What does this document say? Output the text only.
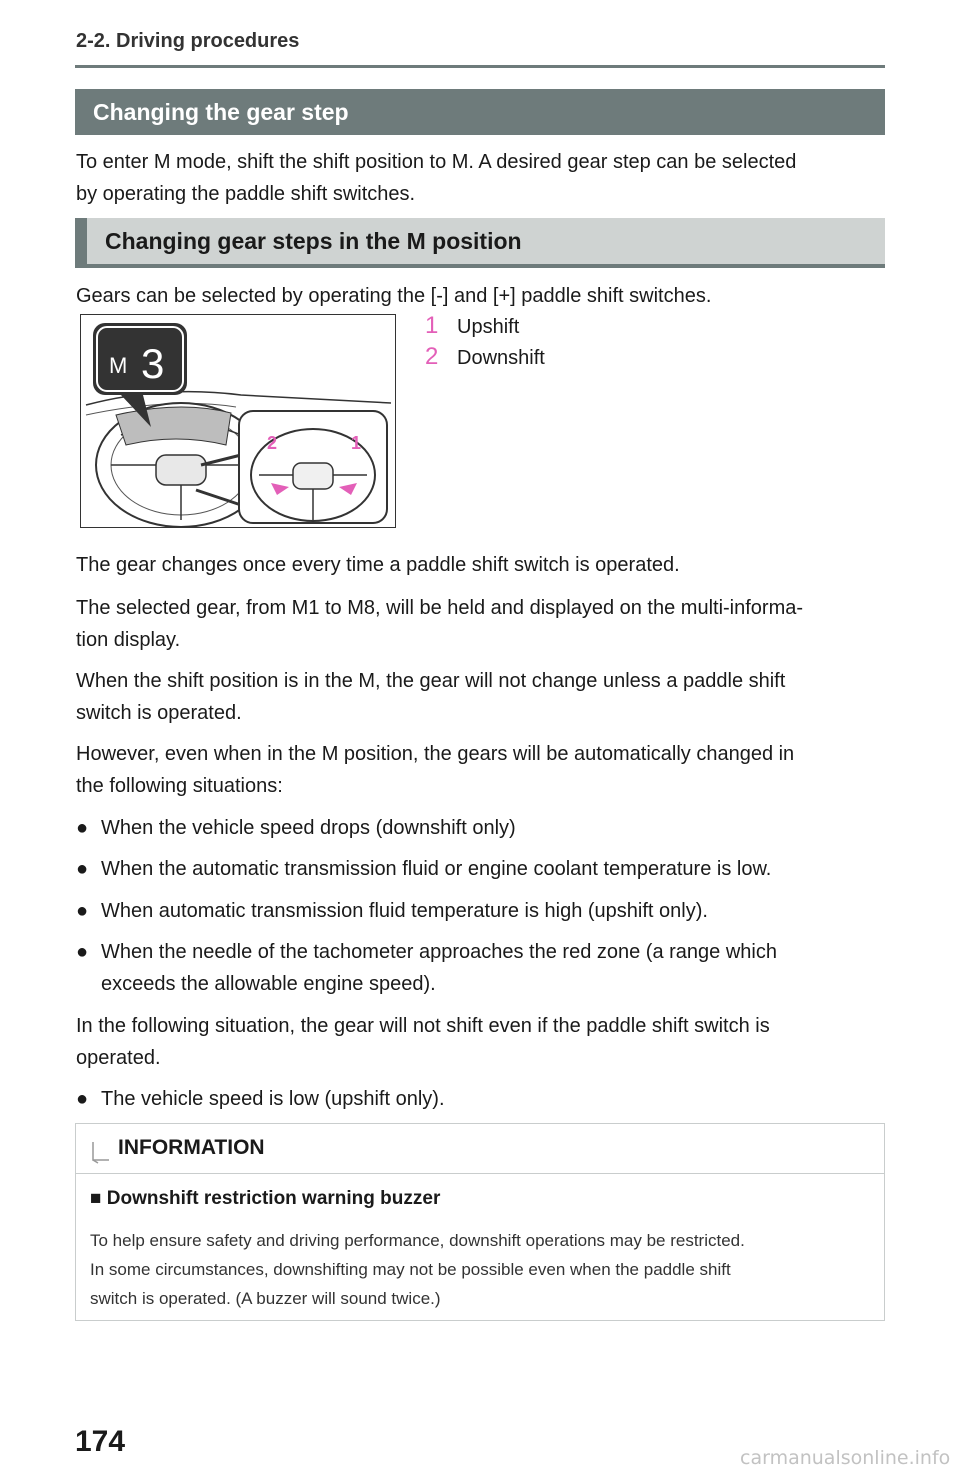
2-2. Driving procedures
Changing the gear step
To enter M mode, shift the shift position to M. A desired gear step can be selected
by operating the paddle shift switches.
Changing gear steps in the M position
Gears can be selected by operating the [-] and [+] paddle shift switches.
M 3
2	1
1 Upshift
2 Downshift
The gear changes once every time a paddle shift switch is operated.
The selected gear, from M1 to M8, will be held and displayed on the multi-informa-
tion display.
When the shift position is in the M, the gear will not change unless a paddle shift
switch is operated.
However, even when in the M position, the gears will be automatically changed in
the following situations:
● When the vehicle speed drops (downshift only)
● When the automatic transmission fluid or engine coolant temperature is low.
● When automatic transmission fluid temperature is high (upshift only).
● When the needle of the tachometer approaches the red zone (a range which
exceeds the allowable engine speed).
In the following situation, the gear will not shift even if the paddle shift switch is
operated.
● The vehicle speed is low (upshift only).
INFORMATION
■ Downshift restriction warning buzzer
To help ensure safety and driving performance, downshift operations may be restricted.
In some circumstances, downshifting may not be possible even when the paddle shift
switch is operated. (A buzzer will sound twice.)
174	carmanualsonline.info
